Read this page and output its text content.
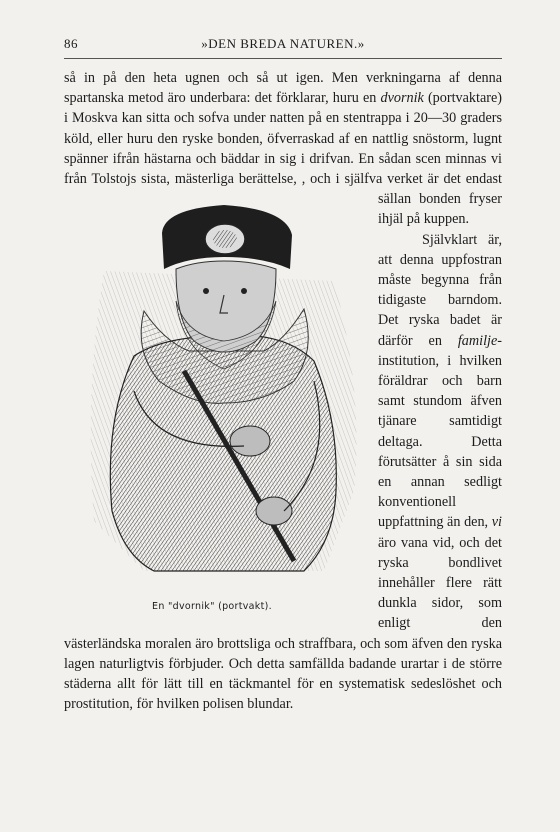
86	»DEN BREDA NATUREN.»

så in på den heta ugnen och så ut igen. Men verkningarna af denna spartanska metod äro underbara: det förklarar, huru en dvornik (portvaktare) i Moskva kan sitta och sofva under natten på en stentrappa i 20—30 graders köld, eller huru den ryske bonden, öfverraskad af en nattlig snöstorm, lugnt spänner ifrån hästarna och bäddar in sig i drifvan. En sådan scen minnas vi från Tolstojs sista, mästerliga berättelse,
En "dvornik" (portvakt).
, och i själfva verket är det endast sällan bonden fryser ihjäl på kuppen.

Självklart är, att denna uppfostran måste begynna från tidigaste barndom. Det ryska badet är därför en familje-institution, i hvilken föräldrar och barn samt stundom äfven tjänare samtidigt deltaga. Detta förutsätter å sin sida en annan sedligt konventionell uppfattning än den, vi äro vana vid, och det ryska bondlivet innehåller flere rätt dunkla sidor, som enligt den västerländska moralen äro brottsliga och straffbara, och som äfven den ryska lagen naturligtvis förbjuder. Och detta samfällda badande urartar i de större städerna allt för lätt till en täckmantel för en systematisk sedeslöshet och prostitution, för hvilken polisen blundar.
